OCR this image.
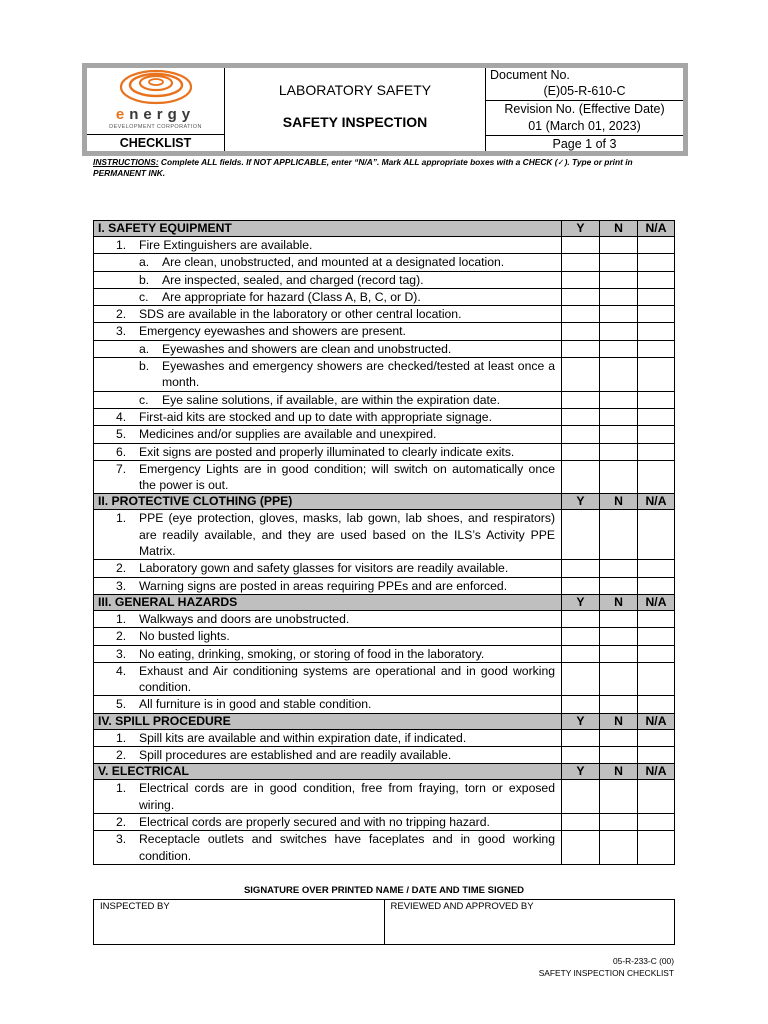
energy
DEVELOPMENT CORPORATION
CHECKLIST
LABORATORY SAFETY
SAFETY INSPECTION
Document No.
(E)05-R-610-C
Revision No. (Effective Date)
01 (March 01, 2023)
Page 1 of 3
INSTRUCTIONS: Complete ALL fields. If NOT APPLICABLE, enter “N/A”. Mark ALL appropriate boxes with a CHECK (✓). Type or print in PERMANENT INK.
I. SAFETY EQUIPMENT	Y	N	N/A

1. Fire Extinguishers are available.			

a. Are clean, unobstructed, and mounted at a designated location.			

b. Are inspected, sealed, and charged (record tag).			

c. Are appropriate for hazard (Class A, B, C, or D).			

2. SDS are available in the laboratory or other central location.			

3. Emergency eyewashes and showers are present.			

a. Eyewashes and showers are clean and unobstructed.			

b. Eyewashes and emergency showers are checked/tested at least once a month.			

c. Eye saline solutions, if available, are within the expiration date.			

4. First-aid kits are stocked and up to date with appropriate signage.			

5. Medicines and/or supplies are available and unexpired.			

6. Exit signs are posted and properly illuminated to clearly indicate exits.			

7. Emergency Lights are in good condition; will switch on automatically once the power is out.			

II. PROTECTIVE CLOTHING (PPE)	Y	N	N/A

1. PPE (eye protection, gloves, masks, lab gown, lab shoes, and respirators) are readily available, and they are used based on the ILS’s Activity PPE Matrix.			

2. Laboratory gown and safety glasses for visitors are readily available.			

3. Warning signs are posted in areas requiring PPEs and are enforced.			

III. GENERAL HAZARDS	Y	N	N/A

1. Walkways and doors are unobstructed.			

2. No busted lights.			

3. No eating, drinking, smoking, or storing of food in the laboratory.			

4. Exhaust and Air conditioning systems are operational and in good working condition.			

5. All furniture is in good and stable condition.			

IV. SPILL PROCEDURE	Y	N	N/A

1. Spill kits are available and within expiration date, if indicated.			

2. Spill procedures are established and are readily available.			

V. ELECTRICAL	Y	N	N/A

1. Electrical cords are in good condition, free from fraying, torn or exposed wiring.			

2. Electrical cords are properly secured and with no tripping hazard.			

3. Receptacle outlets and switches have faceplates and in good working condition.			

SIGNATURE OVER PRINTED NAME / DATE AND TIME SIGNED
INSPECTED BY	REVIEWED AND APPROVED BY
05-R-233-C (00)
SAFETY INSPECTION CHECKLIST
